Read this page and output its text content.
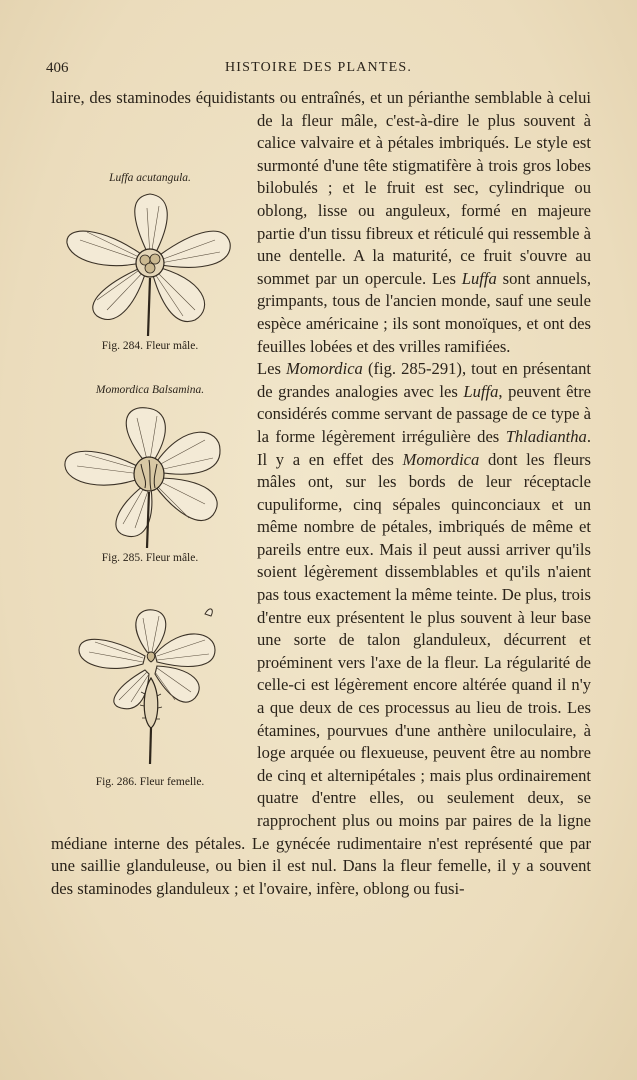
406	HISTOIRE DES PLANTES.

Luffa acutangula.

Fig. 284. Fleur mâle.

laire, des staminodes équidistants ou entraînés, et un périanthe semblable à celui de la fleur mâle, c'est-à-dire le plus souvent à calice valvaire et à pétales imbriqués. Le style est surmonté d'une tête stigmatifère à trois gros lobes bilobulés ; et le fruit est sec, cylindrique ou oblong, lisse ou anguleux, formé en majeure partie d'un tissu fibreux et réticulé qui ressemble à une dentelle. A la maturité, ce fruit s'ouvre au sommet par un opercule. Les Luffa sont annuels, grimpants, tous de l'ancien monde, sauf une seule espèce américaine ; ils sont monoïques, et ont des feuilles lobées et des vrilles ramifiées.

Momordica Balsamina.

Fig. 285. Fleur mâle.

Fig. 286. Fleur femelle.

Les Momordica (fig. 285-291), tout en présentant de grandes analogies avec les Luffa, peuvent être considérés comme servant de passage de ce type à la forme légèrement irrégulière des Thladiantha. Il y a en effet des Momordica dont les fleurs mâles ont, sur les bords de leur réceptacle cupuliforme, cinq sépales quinconciaux et un même nombre de pétales, imbriqués de même et pareils entre eux. Mais il peut aussi arriver qu'ils soient légèrement dissemblables et qu'ils n'aient pas tous exactement la même teinte. De plus, trois d'entre eux présentent le plus souvent à leur base une sorte de talon glanduleux, décurrent et proéminent vers l'axe de la fleur. La régularité de celle-ci est légèrement encore altérée quand il n'y a que deux de ces processus au lieu de trois. Les étamines, pourvues d'une anthère uniloculaire, à loge arquée ou flexueuse, peuvent être au nombre de cinq et alternipétales ; mais plus ordinairement quatre d'entre elles, ou seulement deux, se rapprochent plus ou moins par paires de la ligne médiane interne des pétales. Le gynécée rudimentaire n'est représenté que par une saillie glanduleuse, ou bien il est nul. Dans la fleur femelle, il y a souvent des staminodes glanduleux ; et l'ovaire, infère, oblong ou fusi-
